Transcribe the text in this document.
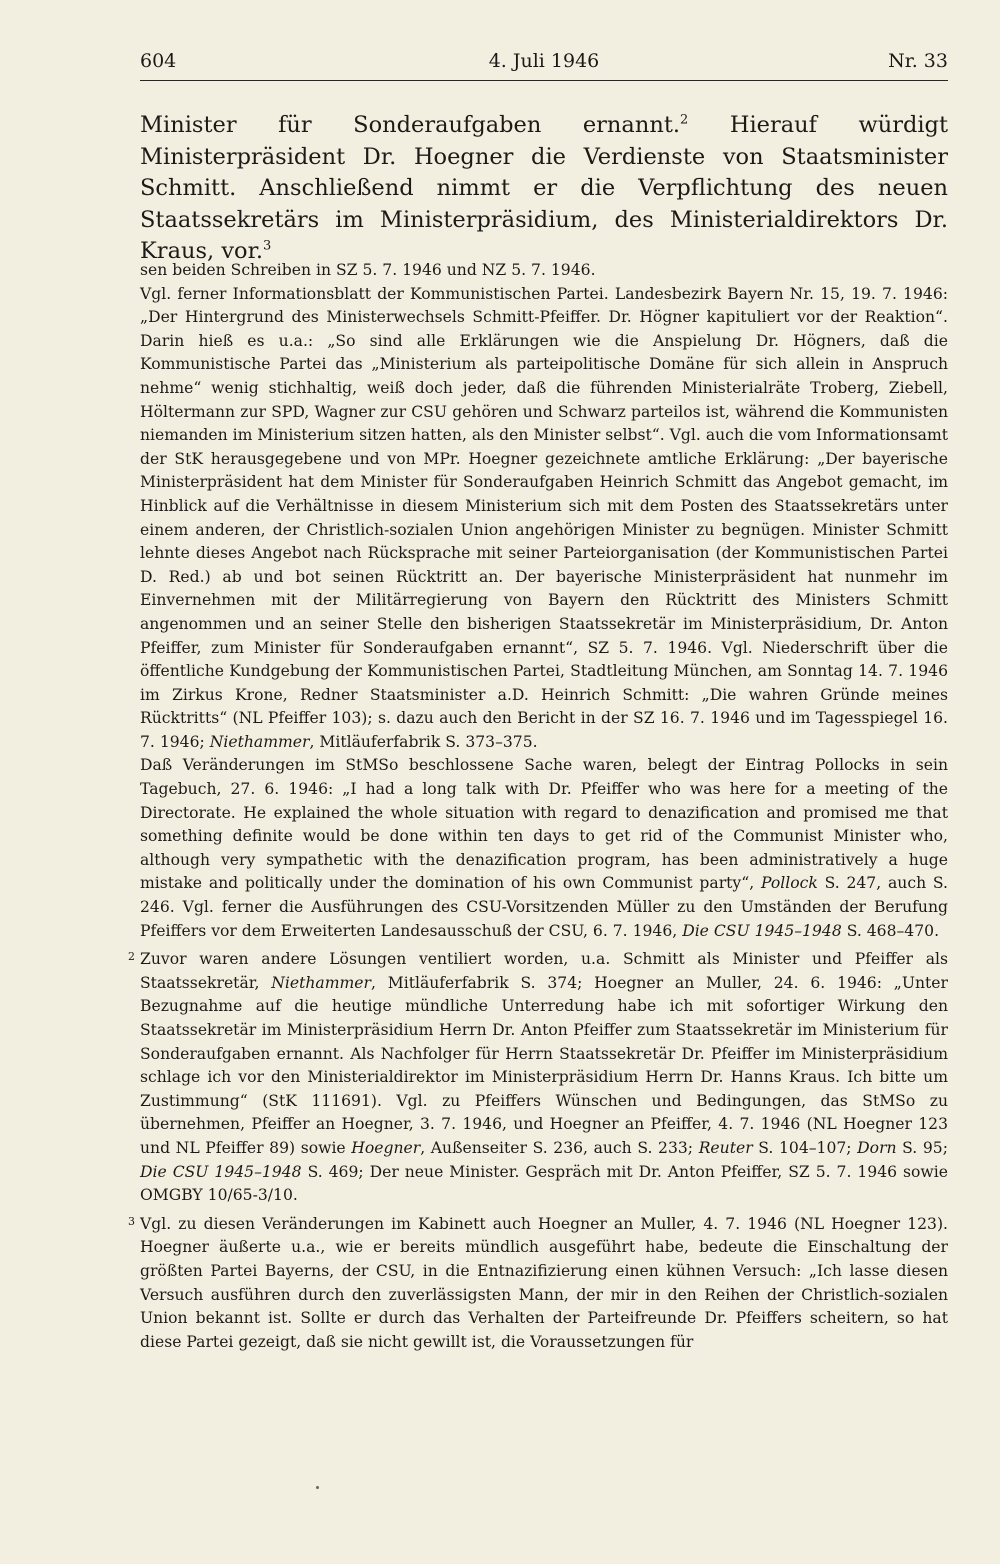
604	4. Juli 1946	Nr. 33

Minister für Sonderaufgaben ernannt.$^2$ Hierauf würdigt Ministerpräsident Dr. Hoegner die Verdienste von Staatsminister Schmitt. Anschließend nimmt er die Verpflichtung des neuen Staatssekretärs im Ministerpräsidium, des Ministerialdirektors Dr. Kraus, vor.$^3$

sen beiden Schreiben in SZ 5. 7. 1946 und NZ 5. 7. 1946.

Vgl. ferner Informationsblatt der Kommunistischen Partei. Landesbezirk Bayern Nr. 15, 19. 7. 1946: „Der Hintergrund des Ministerwechsels Schmitt-Pfeiffer. Dr. Högner kapituliert vor der Reaktion“. Darin hieß es u.a.: „So sind alle Erklärungen wie die Anspielung Dr. Högners, daß die Kommunistische Partei das „Ministerium als parteipolitische Domäne für sich allein in Anspruch nehme“ wenig stichhaltig, weiß doch jeder, daß die führenden Ministerialräte Troberg, Ziebell, Höltermann zur SPD, Wagner zur CSU gehören und Schwarz parteilos ist, während die Kommunisten niemanden im Ministerium sitzen hatten, als den Minister selbst“. Vgl. auch die vom Informationsamt der StK herausgegebene und von MPr. Hoegner gezeichnete amtliche Erklärung: „Der bayerische Ministerpräsident hat dem Minister für Sonderaufgaben Heinrich Schmitt das Angebot gemacht, im Hinblick auf die Verhältnisse in diesem Ministerium sich mit dem Posten des Staatssekretärs unter einem anderen, der Christlich-sozialen Union angehörigen Minister zu begnügen. Minister Schmitt lehnte dieses Angebot nach Rücksprache mit seiner Parteiorganisation (der Kommunistischen Partei D. Red.) ab und bot seinen Rücktritt an. Der bayerische Ministerpräsident hat nunmehr im Einvernehmen mit der Militärregierung von Bayern den Rücktritt des Ministers Schmitt angenommen und an seiner Stelle den bisherigen Staatssekretär im Ministerpräsidium, Dr. Anton Pfeiffer, zum Minister für Sonderaufgaben ernannt“, SZ 5. 7. 1946. Vgl. Niederschrift über die öffentliche Kundgebung der Kommunistischen Partei, Stadtleitung München, am Sonntag 14. 7. 1946 im Zirkus Krone, Redner Staatsminister a.D. Heinrich Schmitt: „Die wahren Gründe meines Rücktritts“ (NL Pfeiffer 103); s. dazu auch den Bericht in der SZ 16. 7. 1946 und im Tagesspiegel 16. 7. 1946; Niethammer, Mitläuferfabrik S. 373–375.

Daß Veränderungen im StMSo beschlossene Sache waren, belegt der Eintrag Pollocks in sein Tagebuch, 27. 6. 1946: „I had a long talk with Dr. Pfeiffer who was here for a meeting of the Directorate. He explained the whole situation with regard to denazification and promised me that something definite would be done within ten days to get rid of the Communist Minister who, although very sympathetic with the denazification program, has been administratively a huge mistake and politically under the domination of his own Communist party“, Pollock S. 247, auch S. 246. Vgl. ferner die Ausführungen des CSU-Vorsitzenden Müller zu den Umständen der Berufung Pfeiffers vor dem Erweiterten Landesausschuß der CSU, 6. 7. 1946, Die CSU 1945–1948 S. 468–470.

2 Zuvor waren andere Lösungen ventiliert worden, u.a. Schmitt als Minister und Pfeiffer als Staatssekretär, Niethammer, Mitläuferfabrik S. 374; Hoegner an Muller, 24. 6. 1946: „Unter Bezugnahme auf die heutige mündliche Unterredung habe ich mit sofortiger Wirkung den Staatssekretär im Ministerpräsidium Herrn Dr. Anton Pfeiffer zum Staatssekretär im Ministerium für Sonderaufgaben ernannt. Als Nachfolger für Herrn Staatssekretär Dr. Pfeiffer im Ministerpräsidium schlage ich vor den Ministerialdirektor im Ministerpräsidium Herrn Dr. Hanns Kraus. Ich bitte um Zustimmung“ (StK 111691). Vgl. zu Pfeiffers Wünschen und Bedingungen, das StMSo zu übernehmen, Pfeiffer an Hoegner, 3. 7. 1946, und Hoegner an Pfeiffer, 4. 7. 1946 (NL Hoegner 123 und NL Pfeiffer 89) sowie Hoegner, Außenseiter S. 236, auch S. 233; Reuter S. 104–107; Dorn S. 95; Die CSU 1945–1948 S. 469; Der neue Minister. Gespräch mit Dr. Anton Pfeiffer, SZ 5. 7. 1946 sowie OMGBY 10/65-3/10.

3 Vgl. zu diesen Veränderungen im Kabinett auch Hoegner an Muller, 4. 7. 1946 (NL Hoegner 123). Hoegner äußerte u.a., wie er bereits mündlich ausgeführt habe, bedeute die Einschaltung der größten Partei Bayerns, der CSU, in die Entnazifizierung einen kühnen Versuch: „Ich lasse diesen Versuch ausführen durch den zuverlässigsten Mann, der mir in den Reihen der Christlich-sozialen Union bekannt ist. Sollte er durch das Verhalten der Parteifreunde Dr. Pfeiffers scheitern, so hat diese Partei gezeigt, daß sie nicht gewillt ist, die Voraussetzungen für
